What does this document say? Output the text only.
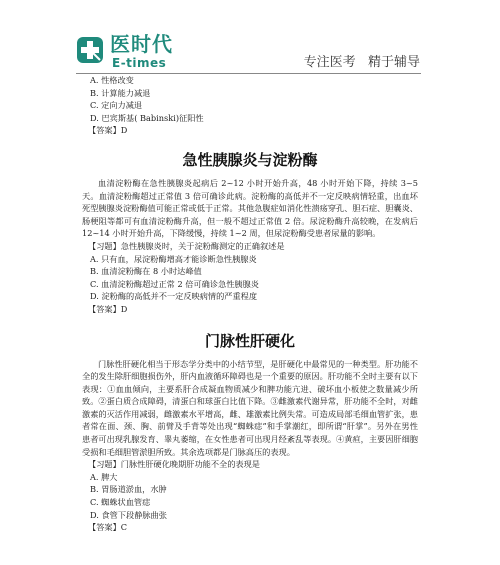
医时代
E-times	专注医考   精于辅导
A. 性格改变
B. 计算能力减退
C. 定向力减退
D. 巴宾斯基( Babinski)征阳性
【答案】D
急性胰腺炎与淀粉酶
血清淀粉酶在急性胰腺炎起病后 2~12 小时开始升高，48 小时开始下降，持续 3~5 天。血清淀粉酶超过正常值 3 倍可确诊此病。淀粉酶的高低并不一定反映病情轻重，出血坏死型胰腺炎淀粉酶值可能正常或低于正常。其他急腹症如消化性溃疡穿孔、胆石症、胆囊炎、肠梗阻等都可有血清淀粉酶升高，但一般不超过正常值 2 倍。尿淀粉酶升高较晚，在发病后 12~14 小时开始升高，下降缓慢，持续 1~2 周，但尿淀粉酶受患者尿量的影响。
【习题】急性胰腺炎时，关于淀粉酶测定的正确叙述是
A. 只有血，尿淀粉酶增高才能诊断急性胰腺炎
B. 血清淀粉酶在 8 小时达峰值
C. 血清淀粉酶超过正常 2 倍可确诊急性胰腺炎
D. 淀粉酶的高低并不一定反映病情的严重程度
【答案】D
门脉性肝硬化
门脉性肝硬化相当于形态学分类中的小结节型，是肝硬化中最常见的一种类型。肝功能不全的发生除肝细胞损伤外，肝内血液循环障碍也是一个重要的原因。肝功能不全时主要有以下表现：①血血倾向，主要系肝合成凝血物质减少和脾功能亢进、破坏血小板使之数量减少所致。②蛋白质合成障碍，清蛋白和球蛋白比值下降。③雌激素代谢异常，肝功能不全时，对雌激素的灭活作用减弱，雌激素水平增高，雌、雄激素比例失常。可造成局部毛细血管扩张，患者常在面、颈、胸、前臂及手背等处出现“蜘蛛痣”和手掌潮红，即所谓“肝掌”。另外在男性患者可出现乳腺发育、睾丸萎缩，在女性患者可出现月经紊乱等表现。④黄疸，主要因肝细胞受损和毛细胆管淤胆所致。其余选项都是门脉高压的表现。
【习题】门脉性肝硬化晚期肝功能不全的表现是
A. 脾大
B. 胃肠道淤血，水肿
C. 蜘蛛状血管痣
D. 食管下段静脉曲张
【答案】C
